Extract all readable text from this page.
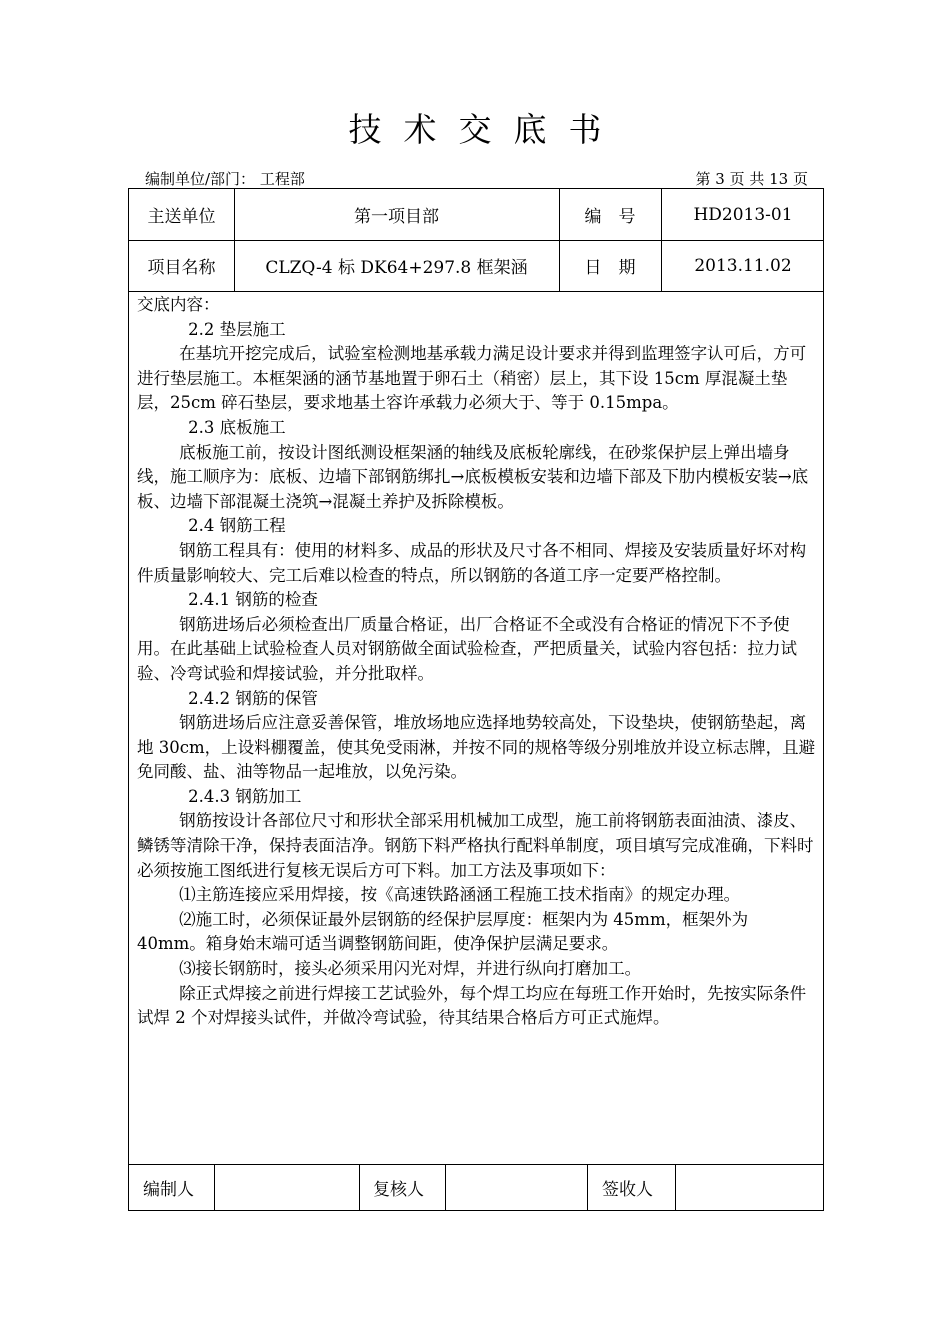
技术交底书
编制单位/部门： 工程部	第 3 页 共 13 页
主送单位	第一项目部	编　号	HD2013-01
项目名称	CLZQ-4 标 DK64+297.8 框架涵	日　期	2013.11.02

交底内容：

2.2 垫层施工

在基坑开挖完成后，试验室检测地基承载力满足设计要求并得到监理签字认可后，方可进行垫层施工。本框架涵的涵节基地置于卵石土（稍密）层上，其下设 15cm 厚混凝土垫层，25cm 碎石垫层，要求地基土容许承载力必须大于、等于 0.15mpa。

2.3 底板施工

底板施工前，按设计图纸测设框架涵的轴线及底板轮廓线，在砂浆保护层上弹出墙身线，施工顺序为：底板、边墙下部钢筋绑扎→底板模板安装和边墙下部及下肋内模板安装→底板、边墙下部混凝土浇筑→混凝土养护及拆除模板。

2.4 钢筋工程

钢筋工程具有：使用的材料多、成品的形状及尺寸各不相同、焊接及安装质量好坏对构件质量影响较大、完工后难以检查的特点，所以钢筋的各道工序一定要严格控制。

2.4.1 钢筋的检查

钢筋进场后必须检查出厂质量合格证，出厂合格证不全或没有合格证的情况下不予使用。在此基础上试验检查人员对钢筋做全面试验检查，严把质量关，试验内容包括：拉力试验、冷弯试验和焊接试验，并分批取样。

2.4.2 钢筋的保管

钢筋进场后应注意妥善保管，堆放场地应选择地势较高处，下设垫块，使钢筋垫起，离地 30cm，上设料棚覆盖，使其免受雨淋，并按不同的规格等级分别堆放并设立标志牌，且避免同酸、盐、油等物品一起堆放，以免污染。

2.4.3 钢筋加工

钢筋按设计各部位尺寸和形状全部采用机械加工成型，施工前将钢筋表面油渍、漆皮、鳞锈等清除干净，保持表面洁净。钢筋下料严格执行配料单制度，项目填写完成准确，下料时必须按施工图纸进行复核无误后方可下料。加工方法及事项如下：

⑴主筋连接应采用焊接，按《高速铁路涵涵工程施工技术指南》的规定办理。

⑵施工时，必须保证最外层钢筋的经保护层厚度：框架内为 45mm，框架外为 40mm。箱身始末端可适当调整钢筋间距，使净保护层满足要求。

⑶接长钢筋时，接头必须采用闪光对焊，并进行纵向打磨加工。

除正式焊接之前进行焊接工艺试验外，每个焊工均应在每班工作开始时，先按实际条件试焊 2 个对焊接头试件，并做冷弯试验，待其结果合格后方可正式施焊。

编制人	复核人	签收人
